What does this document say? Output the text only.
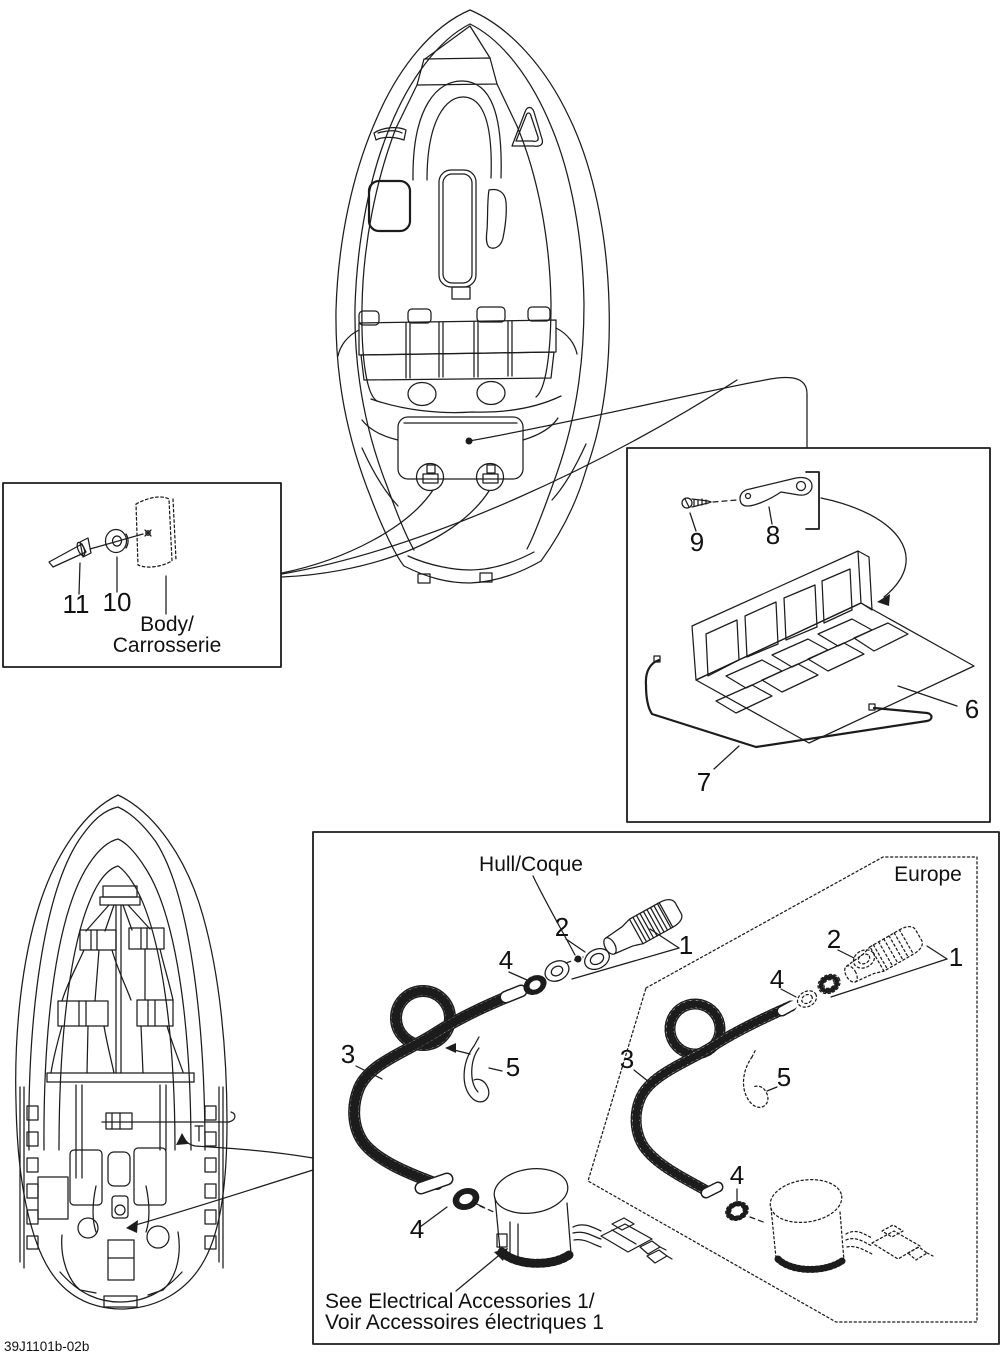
11 10
Body/
Carrosserie
9 8
6
7
Hull/Coque	Europe
2
4	1
3	5
4
2
1
4
3
5
4
See Electrical Accessories 1/
Voir Accessoires électriques 1
39J1101b-02b
